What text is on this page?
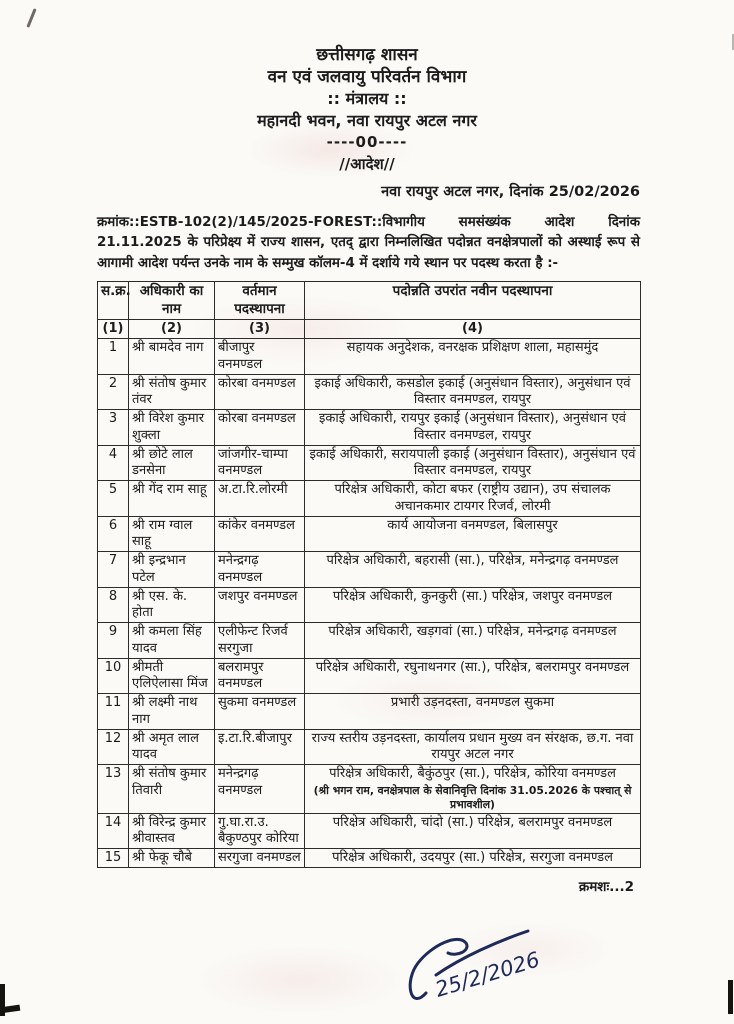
छत्तीसगढ़ शासन
वन एवं जलवायु परिवर्तन विभाग
:: मंत्रालय ::
महानदी भवन, नवा रायपुर अटल नगर
----00----
//आदेश//
नवा रायपुर अटल नगर, दिनांक 25/02/2026
क्रमांक::ESTB-102(2)/145/2025-FOREST::विभागीय समसंख्यंक आदेश दिनांक 21.11.2025 के परिप्रेक्ष्य में राज्य शासन, एतद् द्वारा निम्नलिखित पदोन्नत वनक्षेत्रपालों को अस्थाई रूप से आगामी आदेश पर्यन्त उनके नाम के सम्मुख कॉलम-4 में दर्शाये गये स्थान पर पदस्थ करता है :-
स.क्र.	अधिकारी का नाम	वर्तमान पदस्थापना	पदोन्नति उपरांत नवीन पदस्थापना
(1)	(2)	(3)	(4)
1	श्री बामदेव नाग	बीजापुर वनमण्डल	सहायक अनुदेशक, वनरक्षक प्रशिक्षण शाला, महासमुंद

2	श्री संतोष कुमार तंवर	कोरबा वनमण्डल	इकाई अधिकारी, कसडोल इकाई (अनुसंधान विस्तार), अनुसंधान एवं विस्तार वनमण्डल, रायपुर

3	श्री विरेश कुमार शुक्ला	कोरबा वनमण्डल	इकाई अधिकारी, रायपुर इकाई (अनुसंधान विस्तार), अनुसंधान एवं विस्तार वनमण्डल, रायपुर

4	श्री छोटे लाल डनसेना	जांजगीर-चाम्पा वनमण्डल	इकाई अधिकारी, सरायपाली इकाई (अनुसंधान विस्तार), अनुसंधान एवं विस्तार वनमण्डल, रायपुर

5	श्री गेंद राम साहू	अ.टा.रि.लोरमी	परिक्षेत्र अधिकारी, कोटा बफर (राष्ट्रीय उद्यान), उप संचालक अचानकमार टायगर रिजर्व, लोरमी

6	श्री राम ग्वाल साहू	कांकेर वनमण्डल	कार्य आयोजना वनमण्डल, बिलासपुर

7	श्री इन्द्रभान पटेल	मनेन्द्रगढ़ वनमण्डल	परिक्षेत्र अधिकारी, बहरासी (सा.), परिक्षेत्र, मनेन्द्रगढ़ वनमण्डल

8	श्री एस. के. होता	जशपुर वनमण्डल	परिक्षेत्र अधिकारी, कुनकुरी (सा.) परिक्षेत्र, जशपुर वनमण्डल

9	श्री कमला सिंह यादव	एलीफेन्ट रिजर्व सरगुजा	परिक्षेत्र अधिकारी, खड़गवां (सा.) परिक्षेत्र, मनेन्द्रगढ़ वनमण्डल

10	श्रीमती एलिऐलासा मिंज	बलरामपुर वनमण्डल	परिक्षेत्र अधिकारी, रघुनाथनगर (सा.), परिक्षेत्र, बलरामपुर वनमण्डल

11	श्री लक्ष्मी नाथ नाग	सुकमा वनमण्डल	प्रभारी उड़नदस्ता, वनमण्डल सुकमा

12	श्री अमृत लाल यादव	इ.टा.रि.बीजापुर	राज्य स्तरीय उड़नदस्ता, कार्यालय प्रधान मुख्य वन संरक्षक, छ.ग. नवा रायपुर अटल नगर

13	श्री संतोष कुमार तिवारी	मनेन्द्रगढ़ वनमण्डल	परिक्षेत्र अधिकारी, बैकुंठपुर (सा.), परिक्षेत्र, कोरिया वनमण्डल
(श्री भगन राम, वनक्षेत्रपाल के सेवानिवृत्ति दिनांक 31.05.2026 के पश्चात् से प्रभावशील)

14	श्री विरेन्द्र कुमार श्रीवास्तव	गु.घा.रा.उ. बैकुण्ठपुर कोरिया	परिक्षेत्र अधिकारी, चांदो (सा.) परिक्षेत्र, बलरामपुर वनमण्डल

15	श्री फेकू चौबे	सरगुजा वनमण्डल	परिक्षेत्र अधिकारी, उदयपुर (सा.) परिक्षेत्र, सरगुजा वनमण्डल
क्रमशः...2
25/2/2026
